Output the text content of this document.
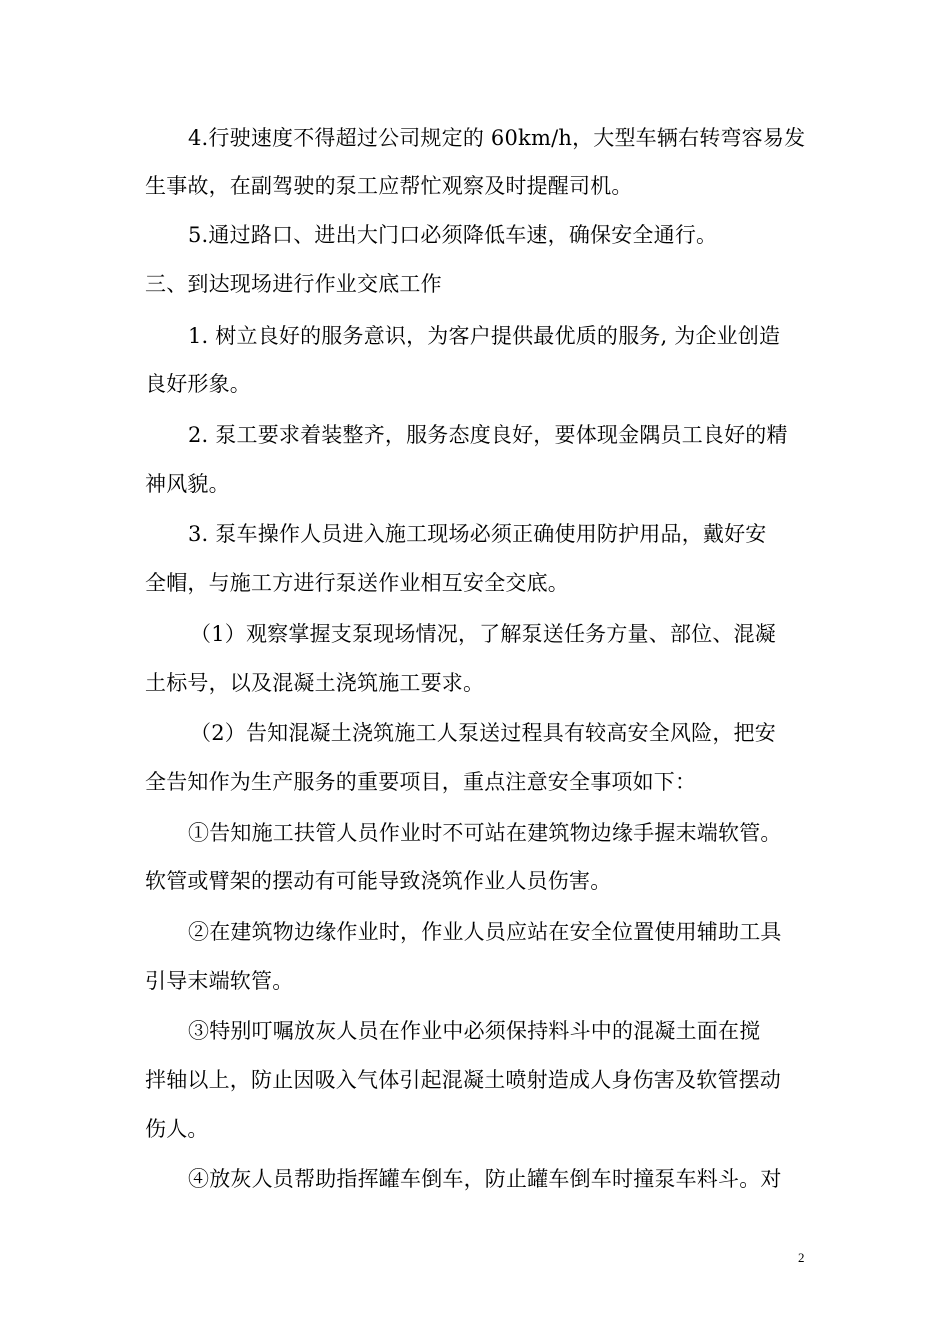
4.行驶速度不得超过公司规定的 60km/h，大型车辆右转弯容易发
生事故，在副驾驶的泵工应帮忙观察及时提醒司机。
5.通过路口、进出大门口必须降低车速，确保安全通行。
三、到达现场进行作业交底工作
1. 树立良好的服务意识，为客户提供最优质的服务, 为企业创造
良好形象。
2. 泵工要求着装整齐，服务态度良好，要体现金隅员工良好的精
神风貌。
3. 泵车操作人员进入施工现场必须正确使用防护用品，戴好安
全帽，与施工方进行泵送作业相互安全交底。
（1）观察掌握支泵现场情况，了解泵送任务方量、部位、混凝
土标号，以及混凝土浇筑施工要求。
（2）告知混凝土浇筑施工人泵送过程具有较高安全风险，把安
全告知作为生产服务的重要项目，重点注意安全事项如下：
①告知施工扶管人员作业时不可站在建筑物边缘手握末端软管。
软管或臂架的摆动有可能导致浇筑作业人员伤害。
②在建筑物边缘作业时，作业人员应站在安全位置使用辅助工具
引导末端软管。
③特别叮嘱放灰人员在作业中必须保持料斗中的混凝土面在搅
拌轴以上，防止因吸入气体引起混凝土喷射造成人身伤害及软管摆动
伤人。
④放灰人员帮助指挥罐车倒车，防止罐车倒车时撞泵车料斗。对
2
